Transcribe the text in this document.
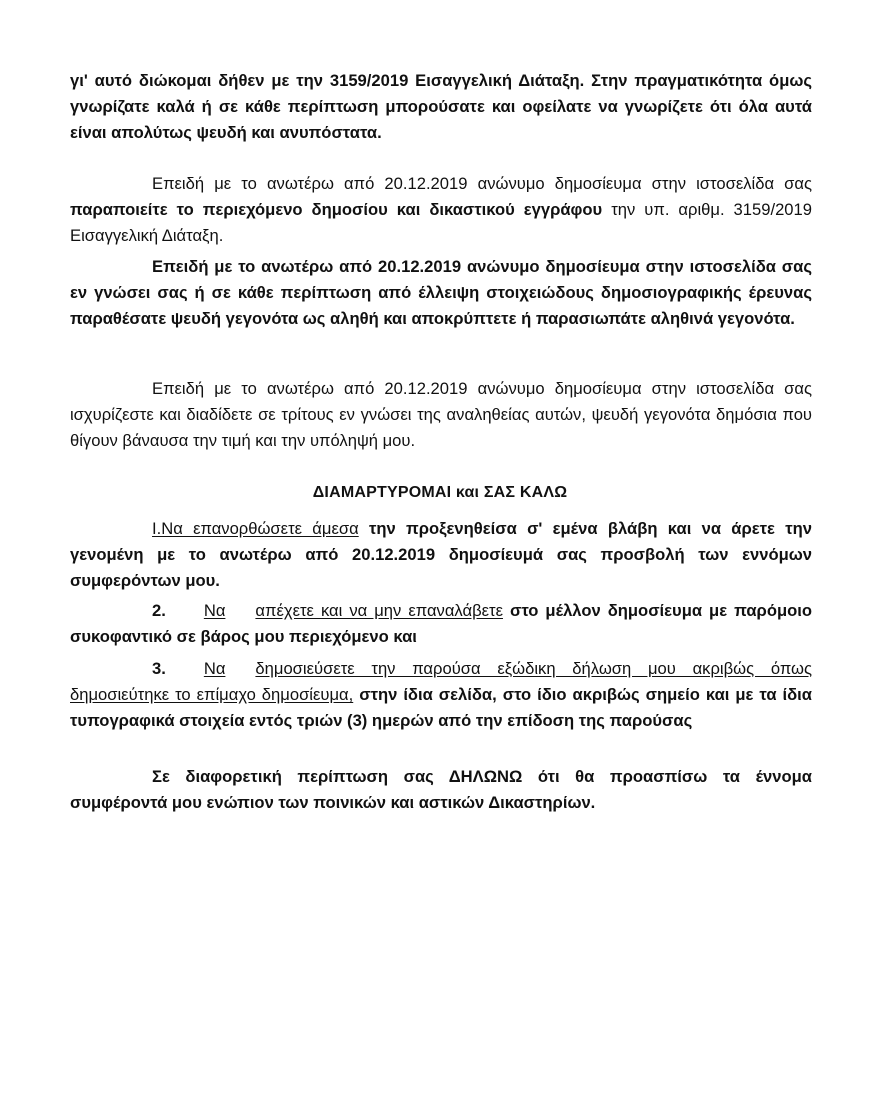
γι' αυτό διώκομαι δήθεν με την 3159/2019 Εισαγγελική Διάταξη. Στην πραγματικότητα όμως γνωρίζατε καλά ή σε κάθε περίπτωση μπορούσατε και οφείλατε να γνωρίζετε ότι όλα αυτά είναι απολύτως ψευδή και ανυπόστατα.
Επειδή με το ανωτέρω από 20.12.2019 ανώνυμο δημοσίευμα στην ιστοσελίδα σας παραποιείτε το περιεχόμενο δημοσίου και δικαστικού εγγράφου την υπ. αριθμ. 3159/2019 Εισαγγελική Διάταξη.
Επειδή με το ανωτέρω από 20.12.2019 ανώνυμο δημοσίευμα στην ιστοσελίδα σας εν γνώσει σας ή σε κάθε περίπτωση από έλλειψη στοιχειώδους δημοσιογραφικής έρευνας παραθέσατε ψευδή γεγονότα ως αληθή και αποκρύπτετε ή παρασιωπάτε αληθινά γεγονότα.
Επειδή με το ανωτέρω από 20.12.2019 ανώνυμο δημοσίευμα στην ιστοσελίδα σας ισχυρίζεστε και διαδίδετε σε τρίτους εν γνώσει της αναληθείας αυτών, ψευδή γεγονότα δημόσια που θίγουν βάναυσα την τιμή και την υπόληψή μου.
ΔΙΑΜΑΡΤΥΡΟΜΑΙ και ΣΑΣ ΚΑΛΩ
Ι.Να επανορθώσετε άμεσα την προξενηθείσα σ' εμένα βλάβη και να άρετε την γενομένη με το ανωτέρω από 20.12.2019 δημοσίευμά σας προσβολή των εννόμων συμφερόντων μου.
2. Να απέχετε και να μην επαναλάβετε στο μέλλον δημοσίευμα με παρόμοιο συκοφαντικό σε βάρος μου περιεχόμενο και
3. Να δημοσιεύσετε την παρούσα εξώδικη δήλωση μου ακριβώς όπως δημοσιεύτηκε το επίμαχο δημοσίευμα, στην ίδια σελίδα, στο ίδιο ακριβώς σημείο και με τα ίδια τυπογραφικά στοιχεία εντός τριών (3) ημερών από την επίδοση της παρούσας
Σε διαφορετική περίπτωση σας ΔΗΛΩΝΩ ότι θα προασπίσω τα έννομα συμφέροντά μου ενώπιον των ποινικών και αστικών Δικαστηρίων.
